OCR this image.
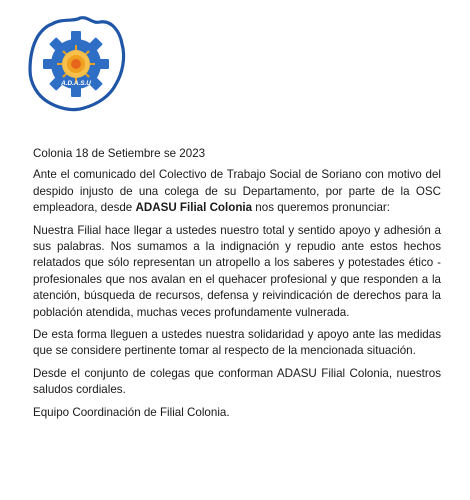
A.D.A.S.U

Colonia 18 de Setiembre se 2023

Ante el comunicado del Colectivo de Trabajo Social de Soriano con motivo del despido injusto de una colega de su Departamento, por parte de la OSC empleadora, desde ADASU Filial Colonia nos queremos pronunciar:

Nuestra Filial hace llegar a ustedes nuestro total y sentido apoyo y adhesión a sus palabras. Nos sumamos a la indignación y repudio ante estos hechos relatados que sólo representan un atropello a los saberes y potestades ético - profesionales que nos avalan en el quehacer profesional y que responden a la atención, búsqueda de recursos, defensa y reivindicación de derechos para la población atendida, muchas veces profundamente vulnerada.

De esta forma lleguen a ustedes nuestra solidaridad y apoyo ante las medidas que se considere pertinente tomar al respecto de la mencionada situación.

Desde el conjunto de colegas que conforman ADASU Filial Colonia, nuestros saludos cordiales.

Equipo Coordinación de Filial Colonia.
